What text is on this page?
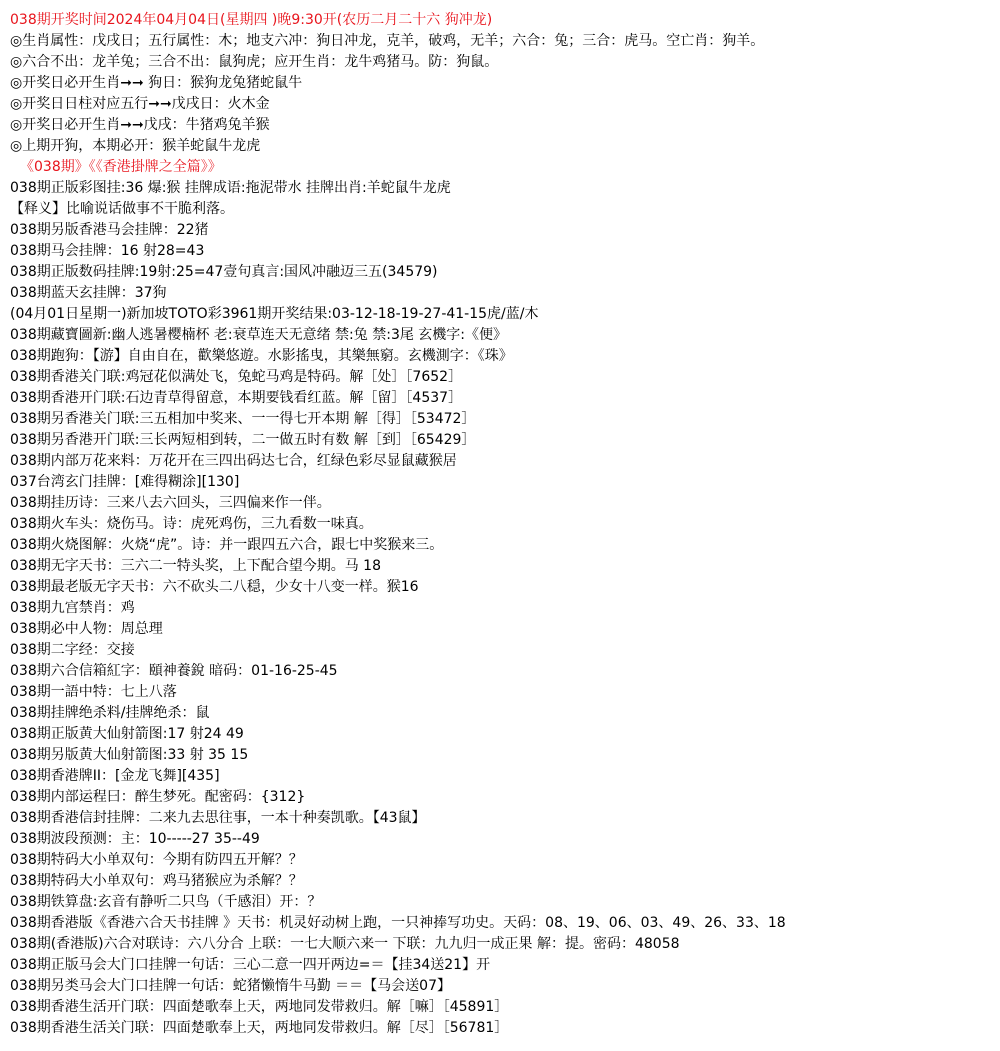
038期开奖时间2024年04月04日(星期四 )晚9:30开(农历二月二十六 狗冲龙)
◎生肖属性：戊戌日；五行属性：木；地支六冲：狗日冲龙，克羊，破鸡，无羊；六合：兔；三合：虎马。空亡肖：狗羊。
◎六合不出：龙羊兔；三合不出：鼠狗虎；应开生肖：龙牛鸡猪马。防：狗鼠。
◎开奖日必开生肖➞➞ 狗日：猴狗龙兔猪蛇鼠牛
◎开奖日日柱对应五行➞➞戊戌日：火木金
◎开奖日必开生肖➞➞戊戌：牛猪鸡兔羊猴
◎上期开狗，本期必开：猴羊蛇鼠牛龙虎
《038期》《《香港掛牌之全篇》》
038期正版彩图挂:36 爆:猴 挂牌成语:拖泥带水 挂牌出肖:羊蛇鼠牛龙虎
【释义】比喻说话做事不干脆利落。
038期另版香港马会挂牌：22猪
038期马会挂牌：16 射28=43
038期正版数码挂牌:19射:25=47壹句真言:国风冲融迈三五(34579)
038期蓝天玄挂牌：37狗
(04月01日星期一)新加坡TOTO彩3961期开奖结果:03-12-18-19-27-41-15虎/蓝/木
038期藏寶圖新:幽人逃暑樱楠杯 老:衰草连天无意绪 禁:兔 禁:3尾 玄機字:《便》
038期跑狗：【游】自由自在，歡樂悠遊。水影搖曳，其樂無窮。玄機測字：《珠》
038期香港关门联:鸡冠花似满处飞，兔蛇马鸡是特码。解［处］［7652］
038期香港开门联:石边青草得留意，本期要钱看红蓝。解［留］［4537］
038期另香港关门联:三五相加中奖来、一一得七开本期 解［得］［53472］
038期另香港开门联:三长两短相到转，二一做五时有数 解［到］［65429］
038期内部万花来料：万花开在三四出码达七合，红绿色彩尽显鼠藏猴居
037台湾玄门挂牌：[难得糊涂][130]
038期挂历诗：三来八去六回头，三四偏来作一伴。
038期火车头：烧伤马。诗：虎死鸡伤，三九看数一味真。
038期火烧图解：火烧“虎”。诗：并一跟四五六合，跟七中奖猴来三。
038期无字天书：三六二一特头奖，上下配合望今期。马 18
038期最老版无字天书：六不砍头二八穏，少女十八变一样。猴16
038期九宫禁肖：鸡
038期必中人物：周总理
038期二字经：交接
038期六合信箱紅字：頤神養銳 暗码：01-16-25-45
038期一語中特：七上八落
038期挂牌绝杀料/挂牌绝杀：鼠
038期正版黄大仙射箭图:17 射24 49
038期另版黄大仙射箭图:33 射 35 15
038期香港牌II：[金龙飞舞][435]
038期内部运程曰：醉生梦死。配密码：{312}
038期香港信封挂牌：二来九去思往事，一本十种奏凯歌。【43鼠】
038期波段预测：主：10-----27 35--49
038期特码大小单双句：今期有防四五开解？？
038期特码大小单双句：鸡马猪猴应为杀解？？
038期铁算盘:玄音有静听二只鸟（千感泪）开：？
038期香港版《香港六合天书挂牌 》天书：机灵好动树上跑，一只神捧写功史。天码：08、19、06、03、49、26、33、18
038期(香港版)六合对联诗：六八分合 上联：一七大顺六来一 下联：九九归一成正果 解：提。密码：48058
038期正版马会大门口挂牌一句话：三心二意一四开两边=＝【挂34送21】开
038期另类马会大门口挂牌一句话：蛇猪懒惰牛马勤 ＝＝【马会送07】
038期香港生活开门联：四面楚歌奉上天，两地同发带救归。解［嘛］［45891］
038期香港生活关门联：四面楚歌奉上天，两地同发带救归。解［尽］［56781］
